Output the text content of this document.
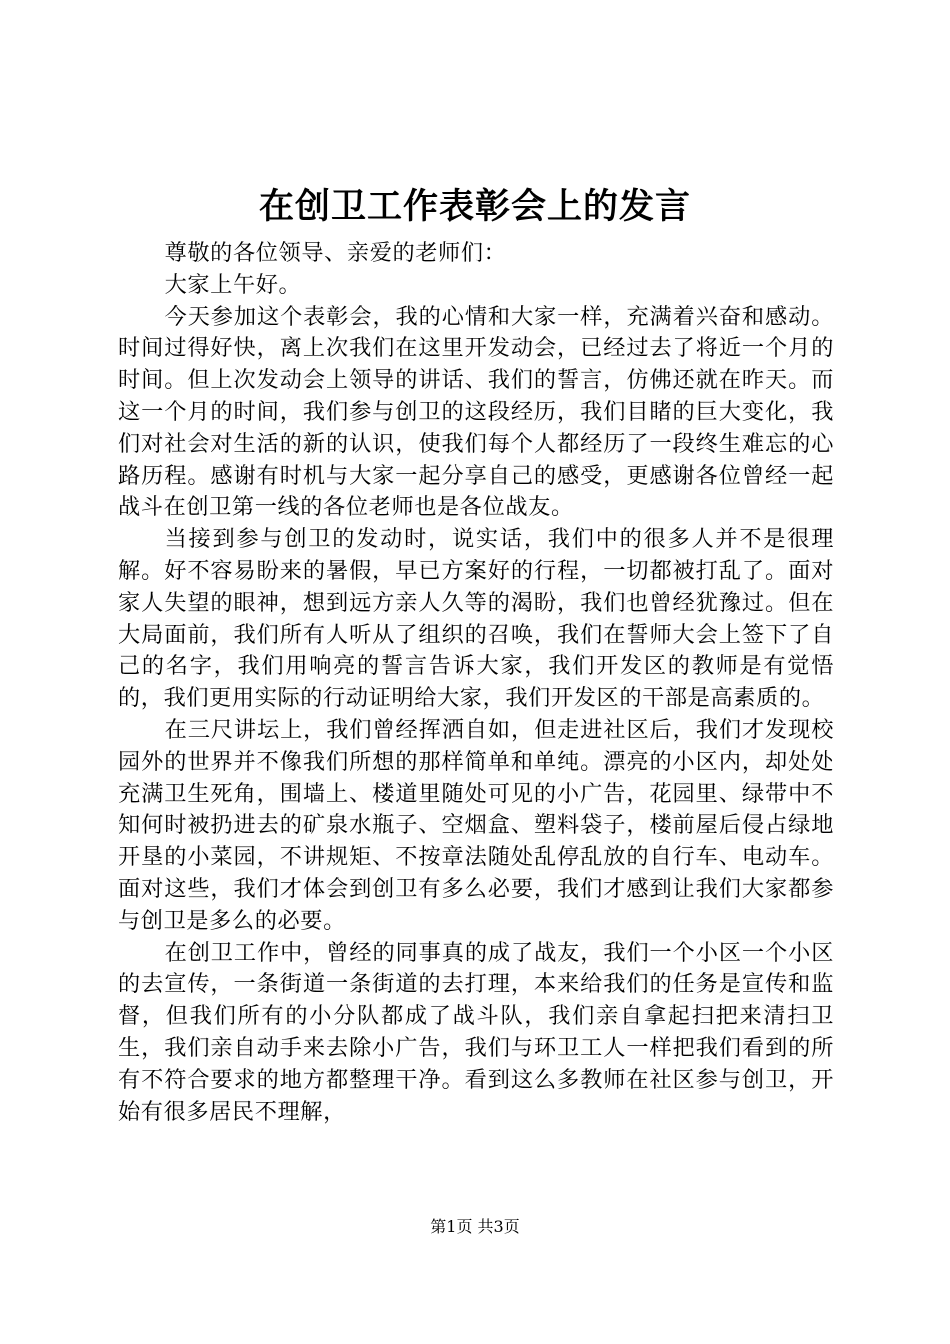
在创卫工作表彰会上的发言

尊敬的各位领导、亲爱的老师们：

大家上午好。

今天参加这个表彰会，我的心情和大家一样，充满着兴奋和感动。时间过得好快，离上次我们在这里开发动会，已经过去了将近一个月的时间。但上次发动会上领导的讲话、我们的誓言，仿佛还就在昨天。而这一个月的时间，我们参与创卫的这段经历，我们目睹的巨大变化，我们对社会对生活的新的认识，使我们每个人都经历了一段终生难忘的心路历程。感谢有时机与大家一起分享自己的感受，更感谢各位曾经一起战斗在创卫第一线的各位老师也是各位战友。

当接到参与创卫的发动时，说实话，我们中的很多人并不是很理解。好不容易盼来的暑假，早已方案好的行程，一切都被打乱了。面对家人失望的眼神，想到远方亲人久等的渴盼，我们也曾经犹豫过。但在大局面前，我们所有人听从了组织的召唤，我们在誓师大会上签下了自己的名字，我们用响亮的誓言告诉大家，我们开发区的教师是有觉悟的，我们更用实际的行动证明给大家，我们开发区的干部是高素质的。

在三尺讲坛上，我们曾经挥洒自如，但走进社区后，我们才发现校园外的世界并不像我们所想的那样简单和单纯。漂亮的小区内，却处处充满卫生死角，围墙上、楼道里随处可见的小广告，花园里、绿带中不知何时被扔进去的矿泉水瓶子、空烟盒、塑料袋子，楼前屋后侵占绿地开垦的小菜园，不讲规矩、不按章法随处乱停乱放的自行车、电动车。面对这些，我们才体会到创卫有多么必要，我们才感到让我们大家都参与创卫是多么的必要。

在创卫工作中，曾经的同事真的成了战友，我们一个小区一个小区的去宣传，一条街道一条街道的去打理，本来给我们的任务是宣传和监督，但我们所有的小分队都成了战斗队，我们亲自拿起扫把来清扫卫生，我们亲自动手来去除小广告，我们与环卫工人一样把我们看到的所有不符合要求的地方都整理干净。看到这么多教师在社区参与创卫，开始有很多居民不理解，

第1页 共3页
